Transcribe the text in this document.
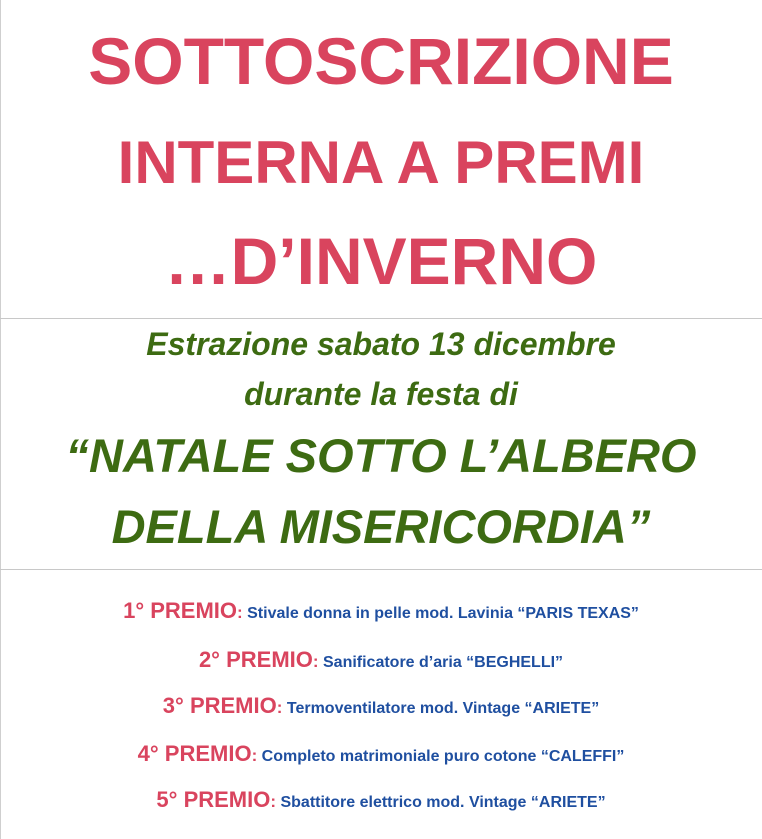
SOTTOSCRIZIONE
INTERNA A PREMI
…D’INVERNO
Estrazione sabato 13 dicembre
durante la festa di
“NATALE SOTTO L’ALBERO
DELLA MISERICORDIA”
1° PREMIO: Stivale donna in pelle mod. Lavinia “PARIS TEXAS”
2° PREMIO: Sanificatore d’aria “BEGHELLI”
3° PREMIO: Termoventilatore mod. Vintage “ARIETE”
4° PREMIO: Completo matrimoniale puro cotone “CALEFFI”
5° PREMIO: Sbattitore elettrico mod. Vintage “ARIETE”
